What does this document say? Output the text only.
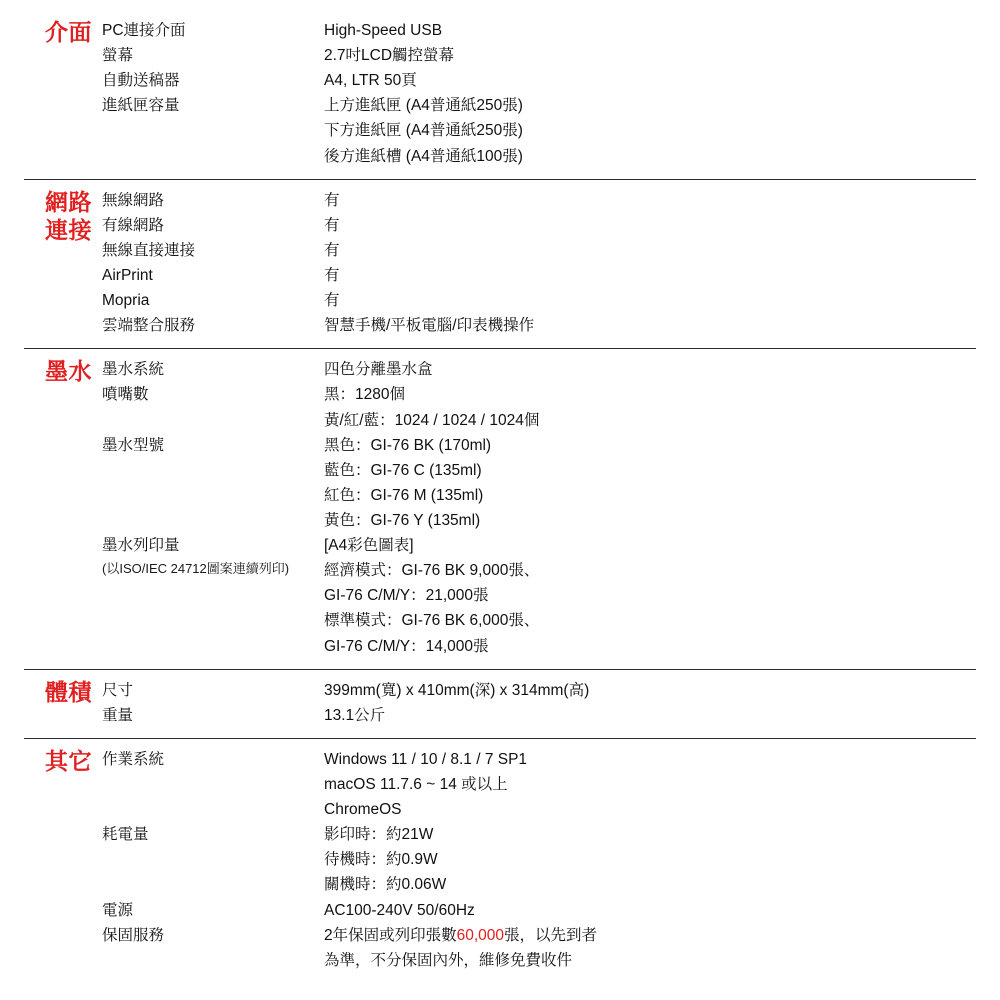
介面 PC連接介面	High-Speed USB
螢幕	2.7吋LCD觸控螢幕
自動送稿器	A4, LTR 50頁
進紙匣容量	上方進紙匣 (A4普通紙250張)
下方進紙匣 (A4普通紙250張)
後方進紙槽 (A4普通紙100張)
網路
連接
無線網路	有
有線網路	有
無線直接連接	有
AirPrint	有
Mopria	有
雲端整合服務	智慧手機/平板電腦/印表機操作
墨水 墨水系統	四色分離墨水盒
噴嘴數	黑：1280個
黃/紅/藍：1024 / 1024 / 1024個
墨水型號	黑色：GI-76 BK (170ml)
藍色：GI-76 C (135ml)
紅色：GI-76 M (135ml)
黃色：GI-76 Y (135ml)
墨水列印量	[A4彩色圖表]
(以ISO/IEC 24712圖案連續列印)	經濟模式：GI-76 BK 9,000張、
GI-76 C/M/Y：21,000張
標準模式：GI-76 BK 6,000張、
GI-76 C/M/Y：14,000張
體積 尺寸	399mm(寬) x 410mm(深) x 314mm(高)
重量	13.1公斤
其它 作業系統	Windows 11 / 10 / 8.1 / 7 SP1
macOS 11.7.6 ~ 14 或以上
ChromeOS
耗電量	影印時：約21W
待機時：約0.9W
關機時：約0.06W
電源	AC100-240V 50/60Hz
保固服務	2年保固或列印張數60,000張，以先到者
為準，不分保固內外，維修免費收件
